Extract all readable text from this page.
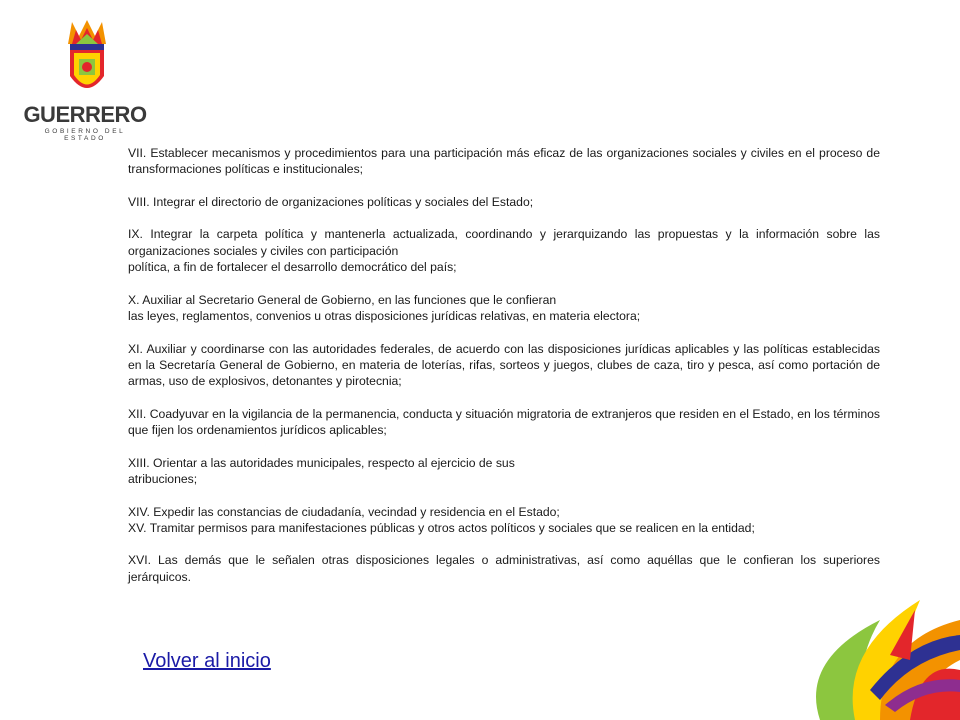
GUERRERO
GOBIERNO DEL ESTADO

VII. Establecer mecanismos y procedimientos para una participación más eficaz de las organizaciones sociales y civiles en el proceso de transformaciones políticas e institucionales;

VIII. Integrar el directorio de organizaciones políticas y sociales del Estado;

IX. Integrar la carpeta política y mantenerla actualizada, coordinando y jerarquizando las propuestas y la información sobre las organizaciones sociales y civiles con participación
política, a fin de fortalecer el desarrollo democrático del país;

X. Auxiliar al Secretario General de Gobierno, en las funciones que le confieran
las leyes, reglamentos, convenios u otras disposiciones jurídicas relativas, en materia electora;

XI. Auxiliar y coordinarse con las autoridades federales, de acuerdo con las disposiciones jurídicas aplicables y las políticas establecidas en la Secretaría General de Gobierno, en materia de loterías, rifas, sorteos y juegos, clubes de caza, tiro y pesca, así como portación de armas, uso de explosivos, detonantes y pirotecnia;

XII. Coadyuvar en la vigilancia de la permanencia, conducta y situación migratoria de extranjeros que residen en el Estado, en los términos que fijen los ordenamientos jurídicos aplicables;

XIII. Orientar a las autoridades municipales, respecto al ejercicio de sus
atribuciones;

XIV. Expedir las constancias de ciudadanía, vecindad y residencia en el Estado;

XV. Tramitar permisos para manifestaciones públicas y otros actos políticos y sociales que se realicen en la entidad;

XVI. Las demás que le señalen otras disposiciones legales o administrativas, así como aquéllas que le confieran los superiores jerárquicos.

Volver al inicio
